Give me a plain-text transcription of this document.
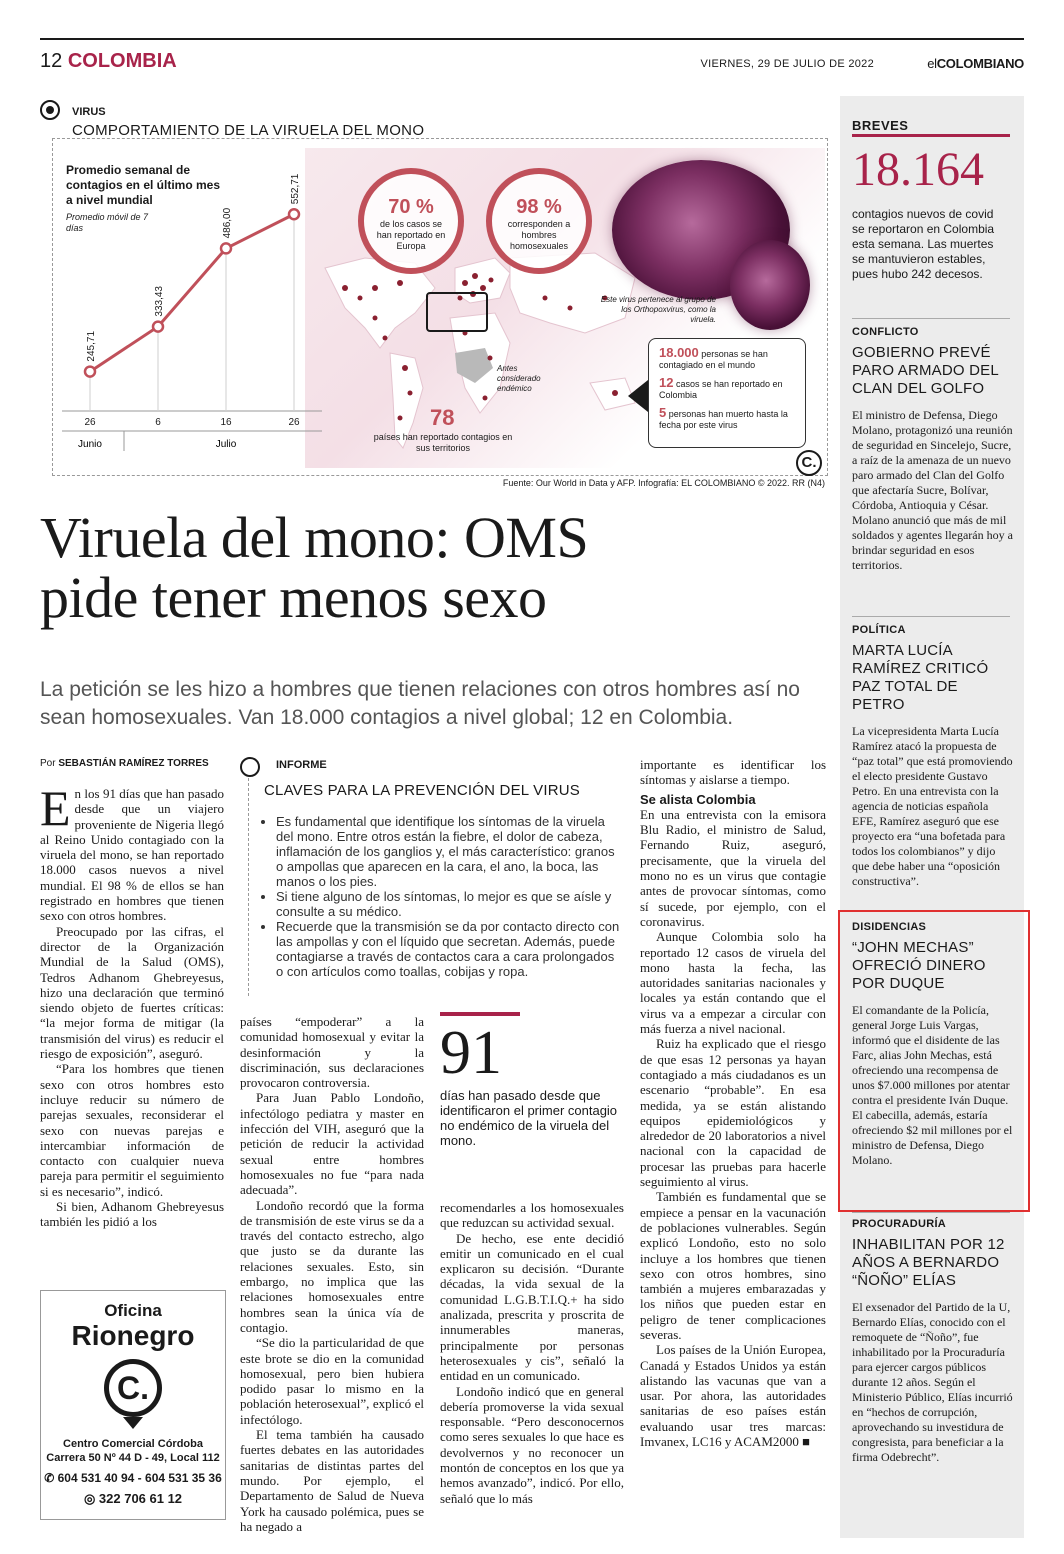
12 COLOMBIA	VIERNES, 29 DE JULIO DE 2022	elCOLOMBIANO
VIRUS
COMPORTAMIENTO DE LA VIRUELA DEL MONO
70 %
de los casos se han reportado en Europa
98 %
corresponden a hombres homosexuales
Este virus pertenece al grupo de los Orthopoxvirus, como la viruela.
Antes considerado endémico
78
países han reportado contagios en sus territorios

18.000 personas se han contagiado en el mundo

12 casos se han reportado en Colombia

5 personas han muerto hasta la fecha por este virus

Promedio semanal de contagios en el último mes a nivel mundial
Promedio móvil de 7 días
245,71
26
333,43
6
486,00
16
552,71
26
Junio	Julio
Fuente: Our World in Data y AFP. Infografía: EL COLOMBIANO © 2022. RR (N4)
C.
Viruela del mono: OMS
pide tener menos sexo
La petición se les hizo a hombres que tienen relaciones con otros hombres así no sean homosexuales. Van 18.000 contagios a nivel global; 12 en Colombia.
Por SEBASTIÁN RAMÍREZ TORRES

En los 91 días que han pasado desde que un viajero proveniente de Nigeria llegó al Reino Unido contagiado con la viruela del mono, se han reportado 18.000 casos nuevos a nivel mundial. El 98 % de ellos se han registrado en hombres que tienen sexo con otros hombres.

Preocupado por las cifras, el director de la Organización Mundial de la Salud (OMS), Tedros Adhanom Ghebreyesus, hizo una declaración que terminó siendo objeto de fuertes críticas: “la mejor forma de mitigar (la transmisión del virus) es reducir el riesgo de exposición”, aseguró.

“Para los hombres que tienen sexo con otros hombres esto incluye reducir su número de parejas sexuales, reconsiderar el sexo con nuevas parejas e intercambiar información de contacto con cualquier nueva pareja para permitir el seguimiento si es necesario”, indicó.

Si bien, Adhanom Ghebreyesus también les pidió a los

INFORME
CLAVES PARA LA PREVENCIÓN DEL VIRUS
• Es fundamental que identifique los síntomas de la viruela del mono. Entre otros están la fiebre, el dolor de cabeza, inflamación de los ganglios y, el más característico: granos o ampollas que aparecen en la cara, el ano, la boca, las manos o los pies.
• Si tiene alguno de los síntomas, lo mejor es que se aísle y consulte a su médico.
• Recuerde que la transmisión se da por contacto directo con las ampollas y con el líquido que secretan. Además, puede contagiarse a través de contactos cara a cara prolongados o con artículos como toallas, cobijas y ropa.

países “empoderar” a la comunidad homosexual y evitar la desinformación y la discriminación, sus declaraciones provocaron controversia.

Para Juan Pablo Londoño, infectólogo pediatra y master en infección del VIH, aseguró que la petición de reducir la actividad sexual entre hombres homosexuales no fue “para nada adecuada”.

Londoño recordó que la forma de transmisión de este virus se da a través del contacto estrecho, algo que justo se da durante las relaciones sexuales. Esto, sin embargo, no implica que las relaciones homosexuales entre hombres sean la única vía de contagio.

“Se dio la particularidad de que este brote se dio en la comunidad homosexual, pero bien hubiera podido pasar lo mismo en la población heterosexual”, explicó el infectólogo.

El tema también ha causado fuertes debates en las autoridades sanitarias de distintas partes del mundo. Por ejemplo, el Departamento de Salud de Nueva York ha causado polémica, pues se ha negado a

91
días han pasado desde que identificaron el primer contagio no endémico de la viruela del mono.

recomendarles a los homosexuales que reduzcan su actividad sexual.

De hecho, ese ente decidió emitir un comunicado en el cual explicaron su decisión. “Durante décadas, la vida sexual de la comunidad L.G.B.T.I.Q.+ ha sido analizada, prescrita y proscrita de innumerables maneras, principalmente por personas heterosexuales y cis”, señaló la entidad en un comunicado.

Londoño indicó que en general debería promoverse la vida sexual responsable. “Pero desconocernos como seres sexuales lo que hace es devolvernos y no reconocer un montón de conceptos en los que ya hemos avanzado”, indicó. Por ello, señaló que lo más

importante es identificar los síntomas y aislarse a tiempo.

Se alista Colombia

En una entrevista con la emisora Blu Radio, el ministro de Salud, Fernando Ruiz, aseguró, precisamente, que la viruela del mono no es un virus que contagie antes de provocar síntomas, como sí sucede, por ejemplo, con el coronavirus.

Aunque Colombia solo ha reportado 12 casos de viruela del mono hasta la fecha, las autoridades sanitarias nacionales y locales ya están contando que el virus va a empezar a circular con más fuerza a nivel nacional.

Ruiz ha explicado que el riesgo de que esas 12 personas ya hayan contagiado a más ciudadanos es un escenario “probable”. En esa medida, ya se están alistando equipos epidemiológicos y alrededor de 20 laboratorios a nivel nacional con la capacidad de procesar las pruebas para hacerle seguimiento al virus.

También es fundamental que se empiece a pensar en la vacunación de poblaciones vulnerables. Según explicó Londoño, esto no solo incluye a los hombres que tienen sexo con otros hombres, sino también a mujeres embarazadas y los niños que pueden estar en peligro de tener complicaciones severas.

Los países de la Unión Europea, Canadá y Estados Unidos ya están alistando las vacunas que van a usar. Por ahora, las autoridades sanitarias de eso países están evaluando usar tres marcas: Imvanex, LC16 y ACAM2000 ■

Oficina
Rionegro
C.
Centro Comercial Córdoba
Carrera 50 Nº 44 D - 49, Local 112
✆ 604 531 40 94 - 604 531 35 36
◎ 322 706 61 12
BREVES
18.164
contagios nuevos de covid se reportaron en Colombia esta semana. Las muertes se mantuvieron estables, pues hubo 242 decesos.
CONFLICTO
GOBIERNO PREVÉ PARO ARMADO DEL CLAN DEL GOLFO
El ministro de Defensa, Diego Molano, protagonizó una reunión de seguridad en Sincelejo, Sucre, a raíz de la amenaza de un nuevo paro armado del Clan del Golfo que afectaría Sucre, Bolívar, Córdoba, Antioquia y César. Molano anunció que más de mil soldados y agentes llegarán hoy a brindar seguridad en esos territorios.
POLÍTICA
MARTA LUCÍA RAMÍREZ CRITICÓ PAZ TOTAL DE PETRO
La vicepresidenta Marta Lucía Ramírez atacó la propuesta de “paz total” que está promoviendo el electo presidente Gustavo Petro. En una entrevista con la agencia de noticias española EFE, Ramírez aseguró que ese proyecto era “una bofetada para todos los colombianos” y dijo que debe haber una “oposición constructiva”.
DISIDENCIAS
“JOHN MECHAS” OFRECIÓ DINERO POR DUQUE
El comandante de la Policía, general Jorge Luis Vargas, informó que el disidente de las Farc, alias John Mechas, está ofreciendo una recompensa de unos $7.000 millones por atentar contra el presidente Iván Duque. El cabecilla, además, estaría ofreciendo $2 mil millones por el ministro de Defensa, Diego Molano.
PROCURADURÍA
INHABILITAN POR 12 AÑOS A BERNARDO “ÑOÑO” ELÍAS
El exsenador del Partido de la U, Bernardo Elías, conocido con el remoquete de “Ñoño”, fue inhabilitado por la Procuraduría para ejercer cargos públicos durante 12 años. Según el Ministerio Público, Elías incurrió en “hechos de corrupción, aprovechando su investidura de congresista, para beneficiar a la firma Odebrecht”.
